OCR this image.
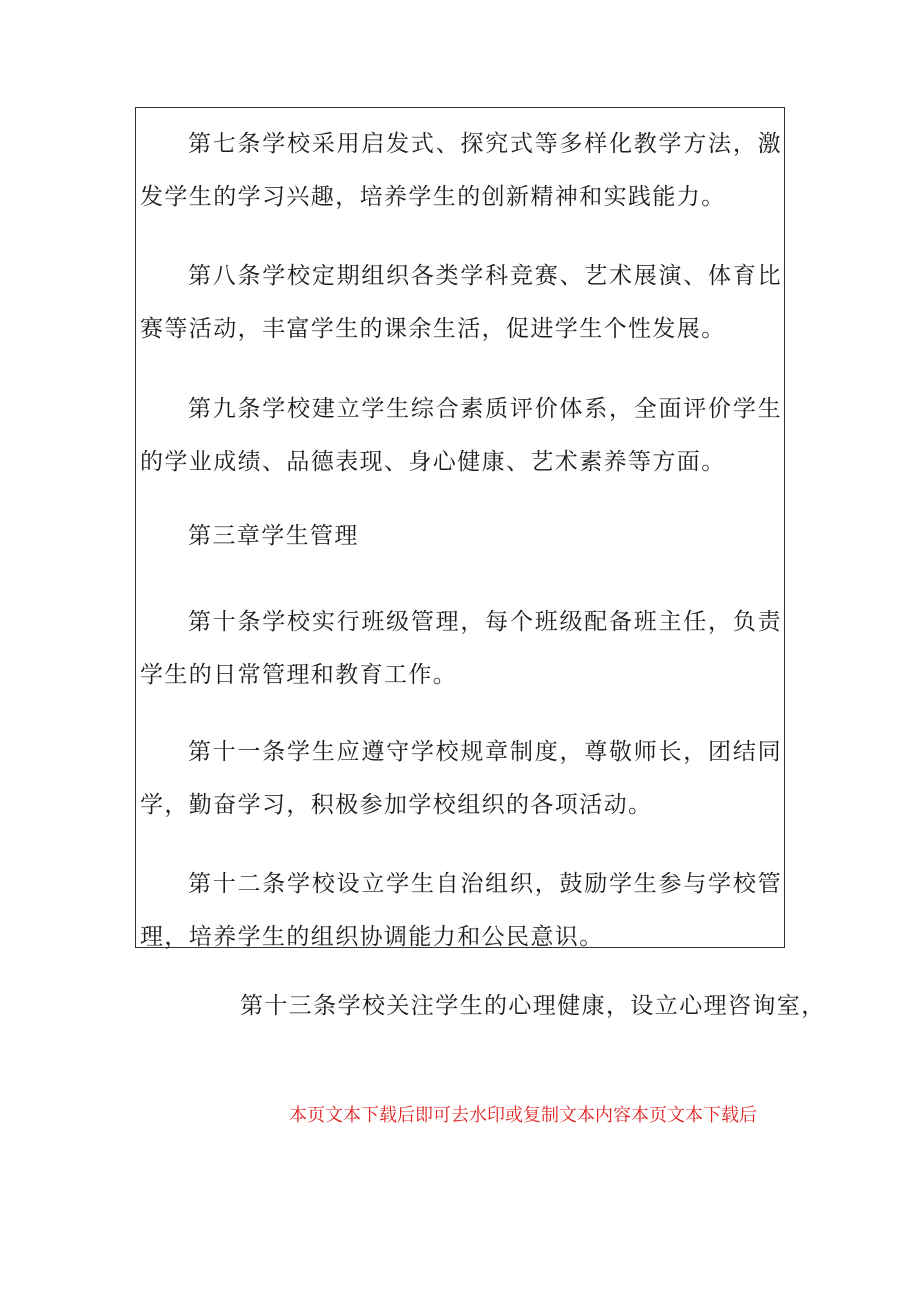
第七条学校采用启发式、探究式等多样化教学方法，激发学生的学习兴趣，培养学生的创新精神和实践能力。

第八条学校定期组织各类学科竞赛、艺术展演、体育比赛等活动，丰富学生的课余生活，促进学生个性发展。

第九条学校建立学生综合素质评价体系，全面评价学生的学业成绩、品德表现、身心健康、艺术素养等方面。

第三章学生管理

第十条学校实行班级管理，每个班级配备班主任，负责学生的日常管理和教育工作。

第十一条学生应遵守学校规章制度，尊敬师长，团结同学，勤奋学习，积极参加学校组织的各项活动。

第十二条学校设立学生自治组织，鼓励学生参与学校管理，培养学生的组织协调能力和公民意识。

第十三条学校关注学生的心理健康，设立心理咨询室，

本页文本下载后即可去水印或复制文本内容本页文本下载后
